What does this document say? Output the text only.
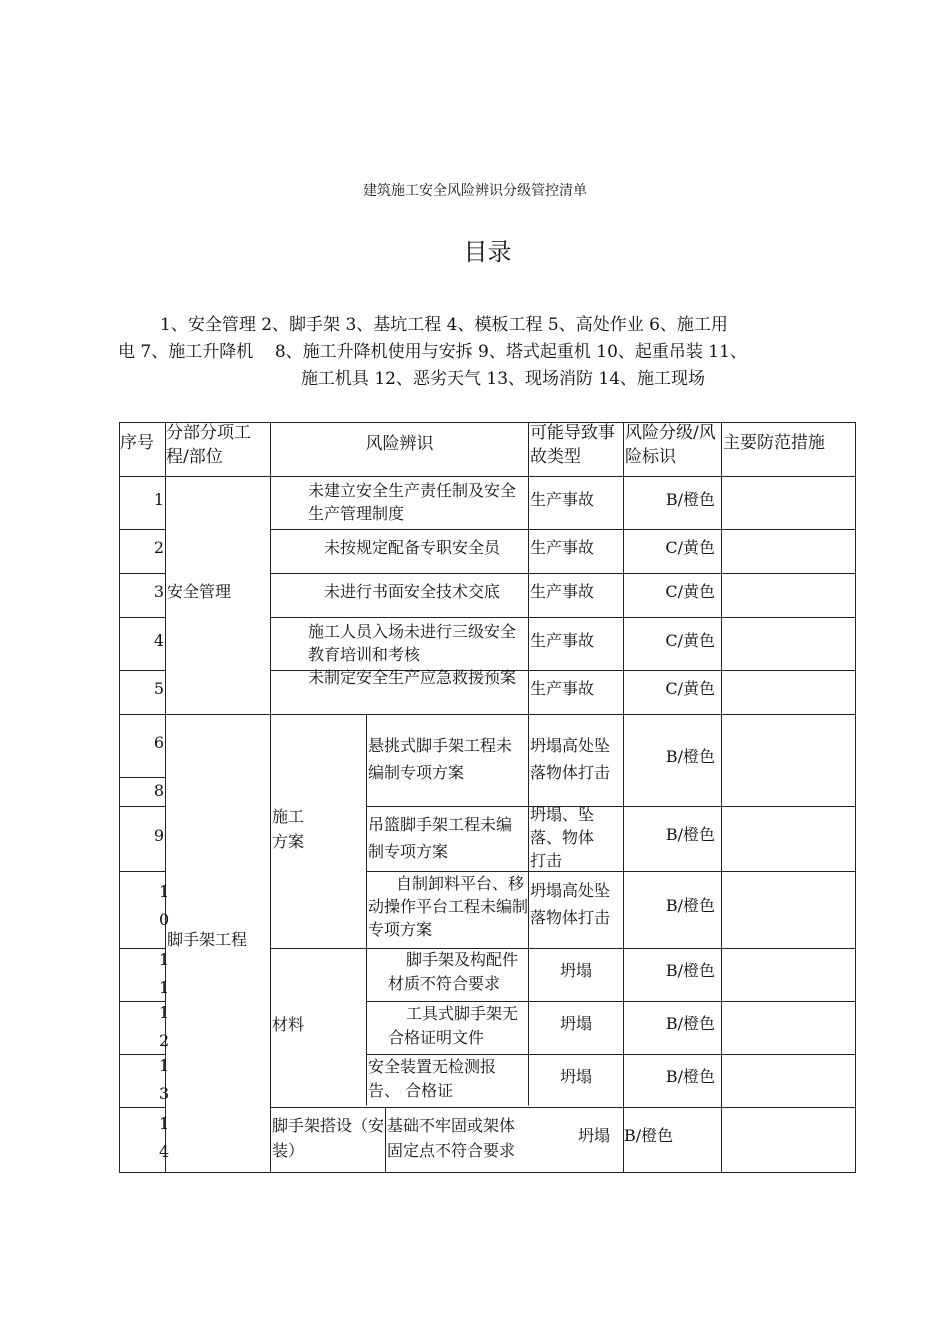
建筑施工安全风险辨识分级管控清单
目录
1、安全管理 2、脚手架 3、基坑工程 4、模板工程 5、高处作业 6、施工用
电 7、施工升降机    8、施工升降机使用与安拆 9、塔式起重机 10、起重吊装 11、
施工机具 12、恶劣天气 13、现场消防 14、施工现场
序号 分部分项工程/部位
风险辨识
可能导致事故类型
风险分级/风险标识
主要防范措施
安全管理
脚手架工程
施工方案
材料
脚手架搭设（安 装）
1
2
3
4
5
6
8
9
10
11
12
13
14
未建立安全生产责任制及安全 生产管理制度
未按规定配备专职安全员
未进行书面安全技术交底
施工人员入场未进行三级安全 教育培训和考核
未制定安全生产应急救援预案
悬挑式脚手架工程未编制专项方案
吊篮脚手架工程未编制专项方案
自制卸料平台、移动操作平台工程未编制专项方案
脚手架及构配件材质不符合要求
工具式脚手架无合格证明文件
安全装置无检测报告、 合格证
基础不牢固或架体固定点不符合要求
生产事故
生产事故
生产事故
生产事故
生产事故
坍塌高处坠落物体打击
坍塌、坠落、物体打击
坍塌高处坠落物体打击
坍塌
坍塌
坍塌
坍塌
B/橙色
C/黄色
C/黄色
C/黄色
C/黄色
B/橙色
B/橙色
B/橙色
B/橙色
B/橙色
B/橙色
B/橙色
